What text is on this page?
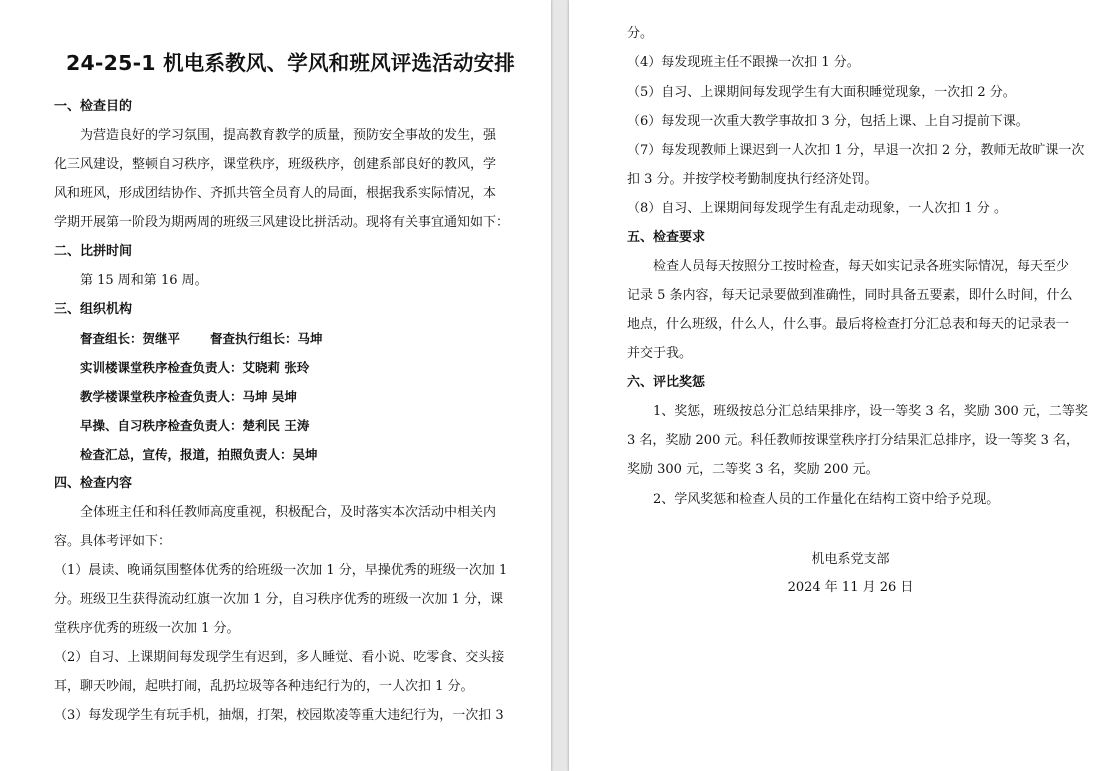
24-25-1 机电系教风、学风和班风评选活动安排
一、检查目的
为营造良好的学习氛围，提高教育教学的质量，预防安全事故的发生，强
化三风建设，整顿自习秩序，课堂秩序，班级秩序，创建系部良好的教风，学
风和班风，形成团结协作、齐抓共管全员育人的局面，根据我系实际情况，本
学期开展第一阶段为期两周的班级三风建设比拼活动。现将有关事宜通知如下：
二、比拼时间
第 15 周和第 16 周。
三、组织机构
督查组长：贺继平 督查执行组长：马坤
实训楼课堂秩序检查负责人：艾晓莉 张玲
教学楼课堂秩序检查负责人：马坤 吴坤
早操、自习秩序检查负责人：楚利民 王涛
检查汇总，宣传，报道，拍照负责人：吴坤
四、检查内容
全体班主任和科任教师高度重视，积极配合，及时落实本次活动中相关内
容。具体考评如下：
（1）晨读、晚诵氛围整体优秀的给班级一次加 1 分，早操优秀的班级一次加 1
分。班级卫生获得流动红旗一次加 1 分，自习秩序优秀的班级一次加 1 分，课
堂秩序优秀的班级一次加 1 分。
（2）自习、上课期间每发现学生有迟到，多人睡觉、看小说、吃零食、交头接
耳，聊天吵闹，起哄打闹，乱扔垃圾等各种违纪行为的，一人次扣 1 分。
（3）每发现学生有玩手机，抽烟，打架，校园欺凌等重大违纪行为，一次扣 3
分。
（4）每发现班主任不跟操一次扣 1 分。
（5）自习、上课期间每发现学生有大面积睡觉现象，一次扣 2 分。
（6）每发现一次重大教学事故扣 3 分，包括上课、上自习提前下课。
（7）每发现教师上课迟到一人次扣 1 分，早退一次扣 2 分，教师无故旷课一次
扣 3 分。并按学校考勤制度执行经济处罚。
（8）自习、上课期间每发现学生有乱走动现象，一人次扣 1 分 。
五、检查要求
检查人员每天按照分工按时检查，每天如实记录各班实际情况，每天至少
记录 5 条内容，每天记录要做到准确性，同时具备五要素，即什么时间，什么
地点，什么班级，什么人，什么事。最后将检查打分汇总表和每天的记录表一
并交于我。
六、评比奖惩
1、奖惩，班级按总分汇总结果排序，设一等奖 3 名，奖励 300 元，二等奖
3 名，奖励 200 元。科任教师按课堂秩序打分结果汇总排序，设一等奖 3 名，
奖励 300 元，二等奖 3 名，奖励 200 元。
2、学风奖惩和检查人员的工作量化在结构工资中给予兑现。
机电系党支部
2024 年 11 月 26 日
